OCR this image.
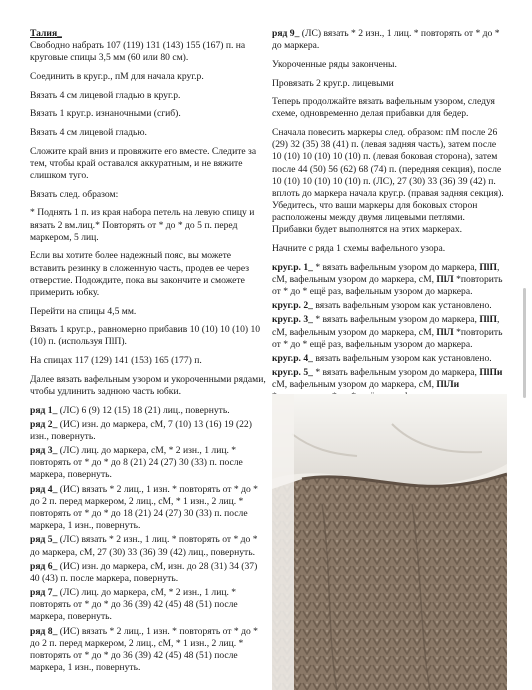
Талия_

Свободно набрать 107 (119) 131 (143) 155 (167) п. на круговые спицы 3,5 мм (60 или 80 см).

Соединить в круг.р., пМ для начала круг.р.

Вязать 4 см лицевой гладью в круг.р.

Вязать 1 круг.р. изнаночными (сгиб).

Вязать 4 см лицевой гладью.

Сложите край вниз и провяжите его вместе. Следите за тем, чтобы край оставался аккуратным, и не вяжите слишком туго.

Вязать след. образом:

* Поднять 1 п. из края набора петель на левую спицу и вязать 2 вм.лиц.* Повторять от * до * до 5 п. перед маркером, 5 лиц.

Если вы хотите более надежный пояс, вы можете вставить резинку в сложенную часть, продев ее через отверстие. Подождите, пока вы закончите и сможете примерить юбку.

Перейти на спицы 4,5 мм.

Вязать 1 круг.р., равномерно прибавив 10 (10) 10 (10) 10 (10) п. (используя ПlП).

На спицах 117 (129) 141 (153) 165 (177) п.

Далее вязать вафельным узором и укороченными рядами, чтобы удлинить заднюю часть юбки.

ряд 1_ (ЛС) 6 (9) 12 (15) 18 (21) лиц., повернуть.

ряд 2_ (ИС) изн. до маркера, сМ, 7 (10) 13 (16) 19 (22) изн., повернуть.

ряд 3_ (ЛС) лиц. до маркера, сМ, * 2 изн., 1 лиц. * повторять от * до * до 8 (21) 24 (27) 30 (33) п. после маркера, повернуть.

ряд 4_ (ИС) вязать * 2 лиц., 1 изн. * повторять от * до * до 2 п. перед маркером, 2 лиц., сМ, * 1 изн., 2 лиц. * повторять от * до * до 18 (21) 24 (27) 30 (33) п. после маркера, 1 изн., повернуть.

ряд 5_ (ЛС) вязать * 2 изн., 1 лиц. * повторять от * до * до маркера, сМ, 27 (30) 33 (36) 39 (42) лиц., повернуть.

ряд 6_ (ИС) изн. до маркера, сМ, изн. до 28 (31) 34 (37) 40 (43) п. после маркера, повернуть.

ряд 7_ (ЛС) лиц. до маркера, сМ, * 2 изн., 1 лиц. * повторять от * до * до 36 (39) 42 (45) 48 (51) после маркера, повернуть.

ряд 8_ (ИС) вязать * 2 лиц., 1 изн. * повторять от * до * до 2 п. перед маркером, 2 лиц., сМ, * 1 изн., 2 лиц. * повторять от * до * до 36 (39) 42 (45) 48 (51) после маркера, 1 изн., повернуть.

ряд 9_ (ЛС) вязать * 2 изн., 1 лиц. * повторять от * до * до маркера.

Укороченные ряды закончены.

Провязать 2 круг.р. лицевыми

Теперь продолжайте вязать вафельным узором, следуя схеме, одновременно делая прибавки для бедер.

Сначала повесить маркеры след. образом: пМ после 26 (29) 32 (35) 38 (41) п. (левая задняя часть), затем после 10 (10) 10 (10) 10 (10) п. (левая боковая сторона), затем после 44 (50) 56 (62) 68 (74) п. (передняя секция), после 10 (10) 10 (10) 10 (10) п. (ЛС), 27 (30) 33 (36) 39 (42) п. вплоть до маркера начала круг.р. (правая задняя секция). Убедитесь, что ваши маркеры для боковых сторон расположены между двумя лицевыми петлями. Прибавки будет выполнятся на этих маркерах.

Начните с ряда 1 схемы вафельного узора.

круг.р. 1_ * вязать вафельным узором до маркера, ПlП, сМ, вафельным узором до маркера, сМ, ПlЛ *повторить от * до * ещё раз, вафельным узором до маркера.

круг.р. 2_ вязать вафельным узором как установлено.

круг.р. 3_ * вязать вафельным узором до маркера, ПlП, сМ, вафельным узором до маркера, сМ, ПlЛ *повторить от * до * ещё раз, вафельным узором до маркера.

круг.р. 4_ вязать вафельным узором как установлено.

круг.р. 5_ * вязать вафельным узором до маркера, ПlПи сМ, вафельным узором до маркера, сМ, ПlЛи
